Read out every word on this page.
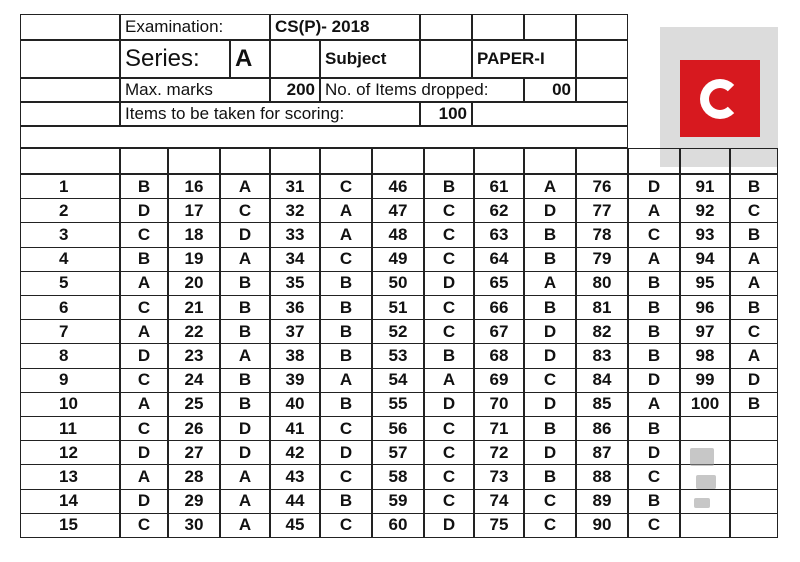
Examination:	CS(P)- 2018
Series:	A	Subject	PAPER-I
Max. marks	200 No. of Items dropped:	00
Items to be taken for scoring:	100
1	B 16 A 31 C 46 B 61 A 76 D 91 B
2	D 17 C 32 A 47 C 62 D 77 A 92 C
3	C 18 D 33 A 48 C 63 B 78 C 93 B
4	B 19 A 34 C 49 C 64 B 79 A 94 A
5	A 20 B 35 B 50 D 65 A 80 B 95 A
6	C 21 B 36 B 51 C 66 B 81 B 96 B
7	A 22 B 37 B 52 C 67 D 82 B 97 C
8	D 23 A 38 B 53 B 68 D 83 B 98 A
9	C 24 B 39 A 54 A 69 C 84 D 99 D
10	A 25 B 40 B 55 D 70 D 85 A 100 B
11	C 26 D 41 C 56 C 71 B 86 B
12	D 27 D 42 D 57 C 72 D 87 D
13	A 28 A 43 C 58 C 73 B 88 C
14	D 29 A 44 B 59 C 74 C 89 B
15	C 30 A 45 C 60 D 75 C 90 C
